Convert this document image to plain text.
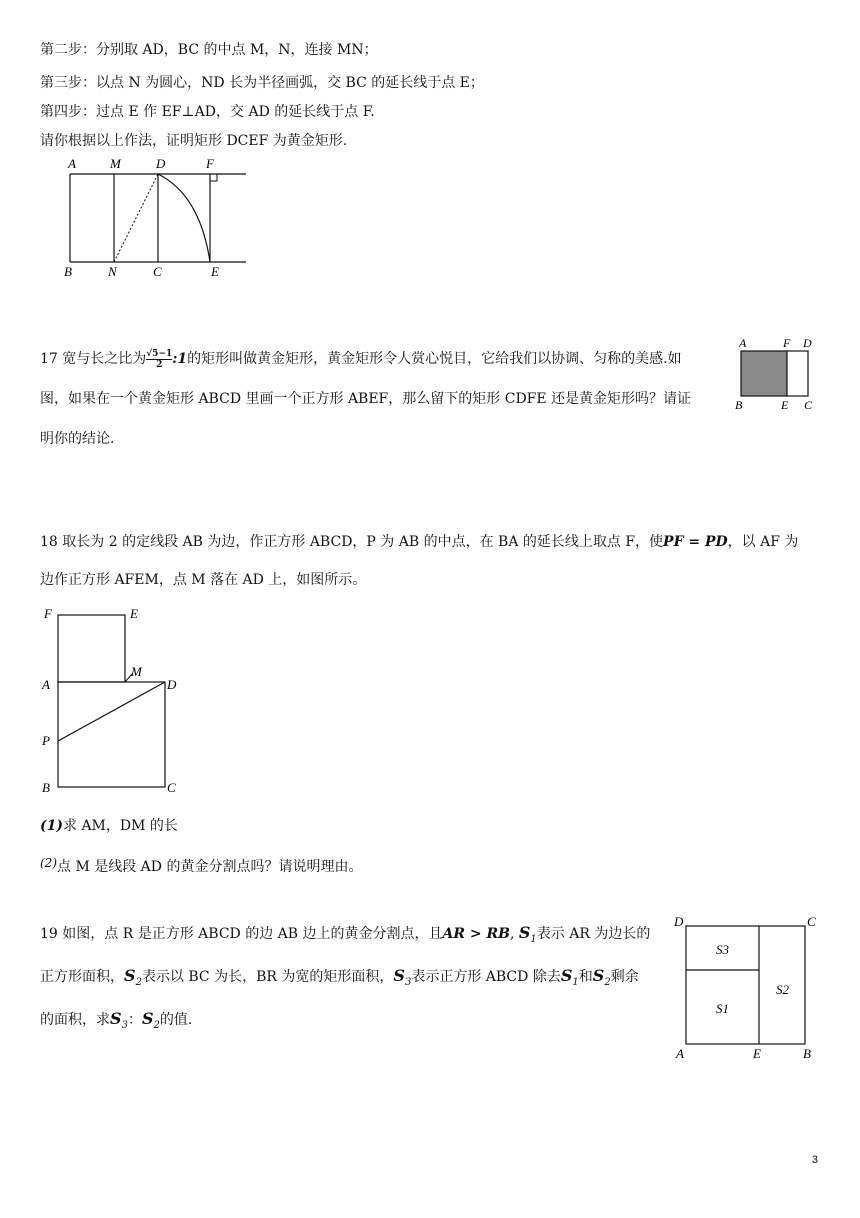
第二步：分别取 AD，BC 的中点 M，N，连接 MN；
第三步：以点 N 为圆心，ND 长为半径画弧，交 BC 的延长线于点 E；
第四步：过点 E 作 EF⊥AD，交 AD 的延长线于点 F.
请你根据以上作法，证明矩形 DCEF 为黄金矩形.
A	M	D	F
B	N	C	E
17 宽与长之比为 $\frac{√5-1}{2}$ :1的矩形叫做黄金矩形，黄金矩形令人赏心悦目，它给我们以协调、匀称的美感.如
图，如果在一个黄金矩形 ABCD 里画一个正方形 ABEF，那么留下的矩形 CDFE 还是黄金矩形吗？请证
明你的结论.
A	F D
B	E C
18 取长为 2 的定线段 AB 为边，作正方形 ABCD，P 为 AB 的中点，在 BA 的延长线上取点 F，使PF = PD，以 AF 为
边作正方形 AFEM，点 M 落在 AD 上，如图所示。
F	E
M
A	D
P
B	C
(1)求 AM，DM 的长
(2)点 M 是线段 AD 的黄金分割点吗？请说明理由。
19 如图，点 R 是正方形 ABCD 的边 AB 边上的黄金分割点，且AR > RB, $S_1$表示 AR 为边长的
正方形面积，$S_2$表示以 BC 为长，BR 为宽的矩形面积，$S_3$表示正方形 ABCD 除去$S_1$和$S_2$剩余
的面积，求$S_3$：$S_2$的值.
D	C
S3
S2
S1
A	E	B
3
